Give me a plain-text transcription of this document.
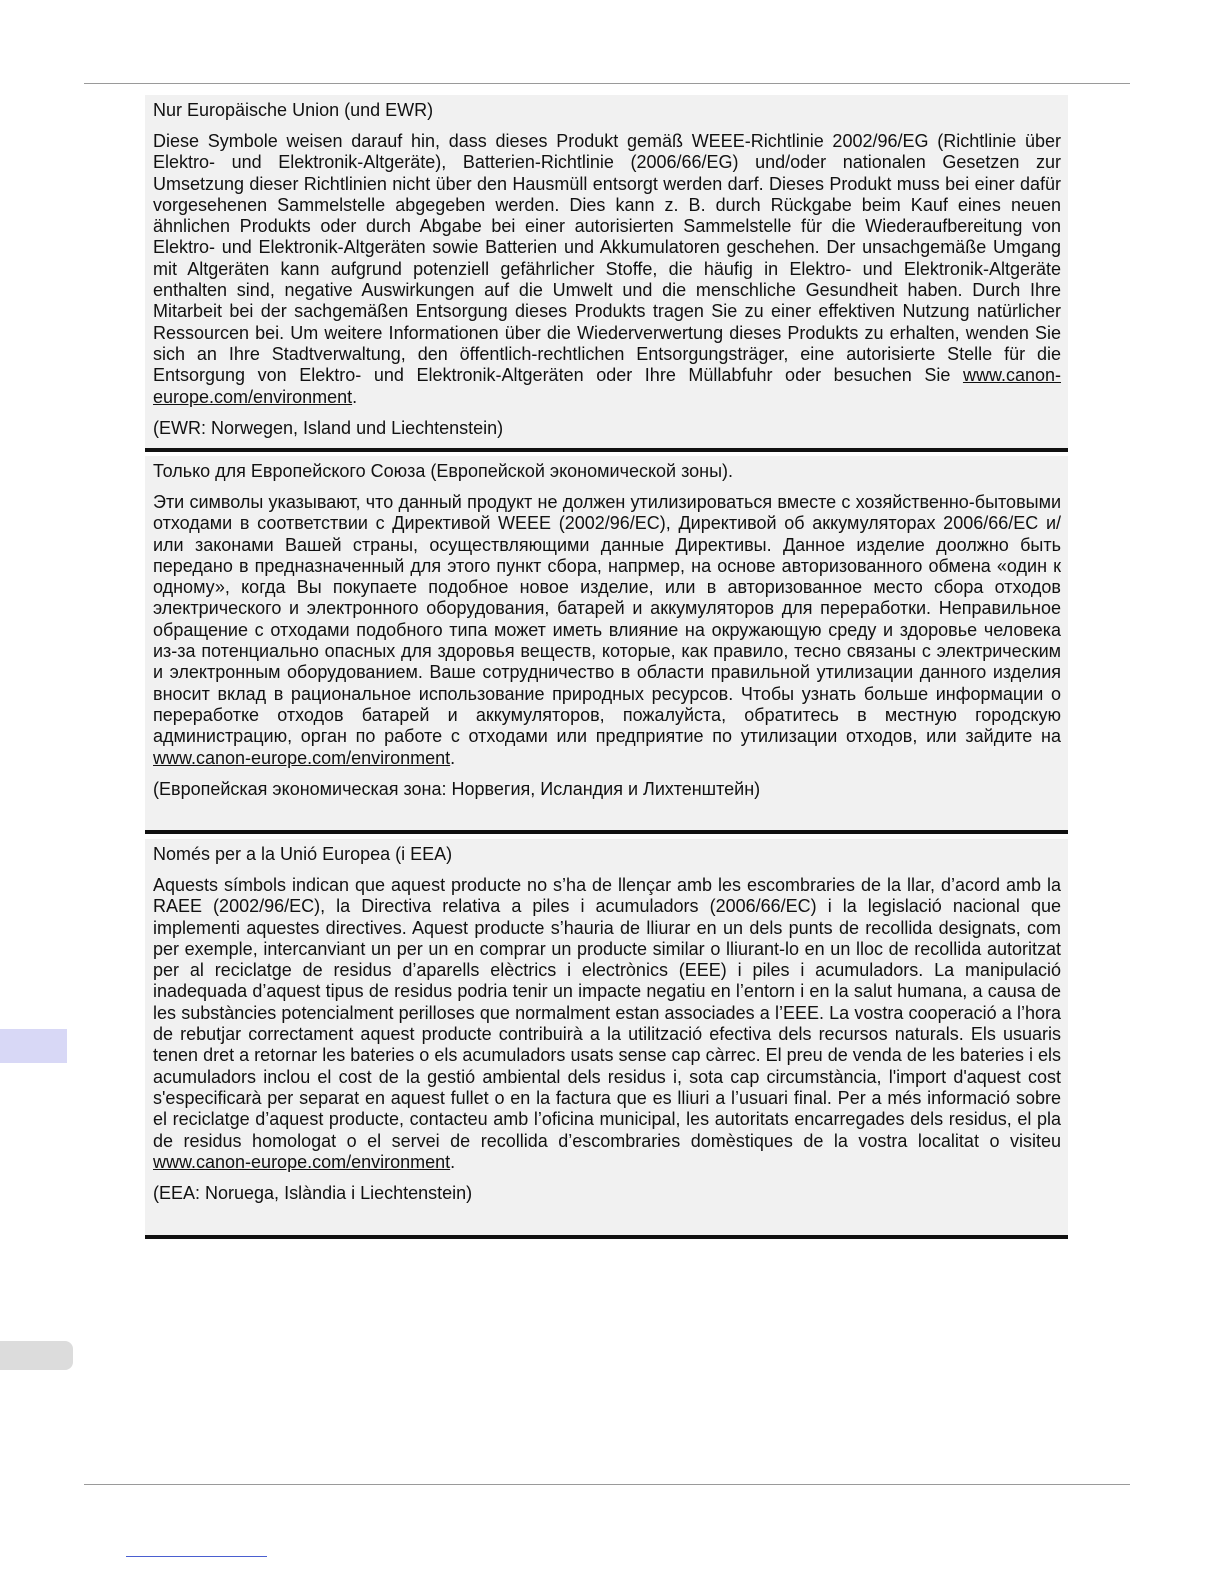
Nur Europäische Union (und EWR)

Diese Symbole weisen darauf hin, dass dieses Produkt gemäß WEEE-Richtlinie 2002/96/EG (Richtlinie über Elektro- und Elektronik-Altgeräte), Batterien-Richtlinie (2006/66/EG) und/oder nationalen Gesetzen zur Umsetzung dieser Richtlinien nicht über den Hausmüll entsorgt werden darf. Dieses Produkt muss bei einer dafür vorgesehenen Sammelstelle abgegeben werden. Dies kann z. B. durch Rückgabe beim Kauf eines neuen ähnlichen Produkts oder durch Abgabe bei einer autorisierten Sammelstelle für die Wiederaufbereitung von Elektro- und Elektronik-Altgeräten sowie Batterien und Akkumulatoren geschehen. Der unsachgemäße Umgang mit Altgeräten kann aufgrund potenziell gefährlicher Stoffe, die häufig in Elektro- und Elektronik-Altgeräte enthalten sind, negative Auswirkungen auf die Umwelt und die menschliche Gesundheit haben. Durch Ihre Mitarbeit bei der sachgemäßen Entsorgung dieses Produkts tragen Sie zu einer effektiven Nutzung natürlicher Ressourcen bei. Um weitere Informationen über die Wiederverwertung dieses Produkts zu erhalten, wenden Sie sich an Ihre Stadtverwaltung, den öffentlich-rechtlichen Entsorgungsträger, eine autorisierte Stelle für die Entsorgung von Elektro- und Elektronik-Altgeräten oder Ihre Müllabfuhr oder besuchen Sie www.canon-europe.com/environment.

(EWR: Norwegen, Island und Liechtenstein)

Только для Европейского Союза (Европейской экономической зоны).

Эти символы указывают, что данный продукт не должен утилизироваться вместе с хозяйственно-бытовыми отходами в соответствии с Директивой WEEE (2002/96/EC), Директивой об аккумуляторах 2006/66/EC и/или законами Вашей страны, осуществляющими данные Директивы. Данное изделие доолжно быть передано в предназначенный для этого пункт сбора, напрмер, на основе авторизованного обмена «один к одному», когда Вы покупаете подобное новое изделие, или в авторизованное место сбора отходов электрического и электронного оборудования, батарей и аккумуляторов для переработки. Неправильное обращение с отходами подобного типа может иметь влияние на окружающую среду и здоровье человека из-за потенциально опасных для здоровья веществ, которые, как правило, тесно связаны с электрическим и электронным оборудованием. Ваше сотрудничество в области правильной утилизации данного изделия вносит вклад в рациональное использование природных ресурсов. Чтобы узнать больше информации о переработке отходов батарей и аккумуляторов, пожалуйста, обратитесь в местную городскую администрацию, орган по работе с отходами или предприятие по утилизации отходов, или зайдите на www.canon-europe.com/environment.

(Европейская экономическая зона: Норвегия, Исландия и Лихтенштейн)

Només per a la Unió Europea (i EEA)

Aquests símbols indican que aquest producte no s’ha de llençar amb les escombraries de la llar, d’acord amb la RAEE (2002/96/EC), la Directiva relativa a piles i acumuladors (2006/66/EC) i la legislació nacional que implementi aquestes directives. Aquest producte s’hauria de lliurar en un dels punts de recollida designats, com per exemple, intercanviant un per un en comprar un producte similar o lliurant-lo en un lloc de recollida autoritzat per al reciclatge de residus d’aparells elèctrics i electrònics (EEE) i piles i acumuladors. La manipulació inadequada d’aquest tipus de residus podria tenir un impacte negatiu en l’entorn i en la salut humana, a causa de les substàncies potencialment perilloses que normalment estan associades a l’EEE. La vostra cooperació a l’hora de rebutjar correctament aquest producte contribuirà a la utilització efectiva dels recursos naturals. Els usuaris tenen dret a retornar les bateries o els acumuladors usats sense cap càrrec. El preu de venda de les bateries i els acumuladors inclou el cost de la gestió ambiental dels residus i, sota cap circumstància, l'import d'aquest cost s'especificarà per separat en aquest fullet o en la factura que es lliuri a l’usuari final. Per a més informació sobre el reciclatge d’aquest producte, contacteu amb l’oficina municipal, les autoritats encarregades dels residus, el pla de residus homologat o el servei de recollida d’escombraries domèstiques de la vostra localitat o visiteu www.canon-europe.com/environment.

(EEA: Noruega, Islàndia i Liechtenstein)
